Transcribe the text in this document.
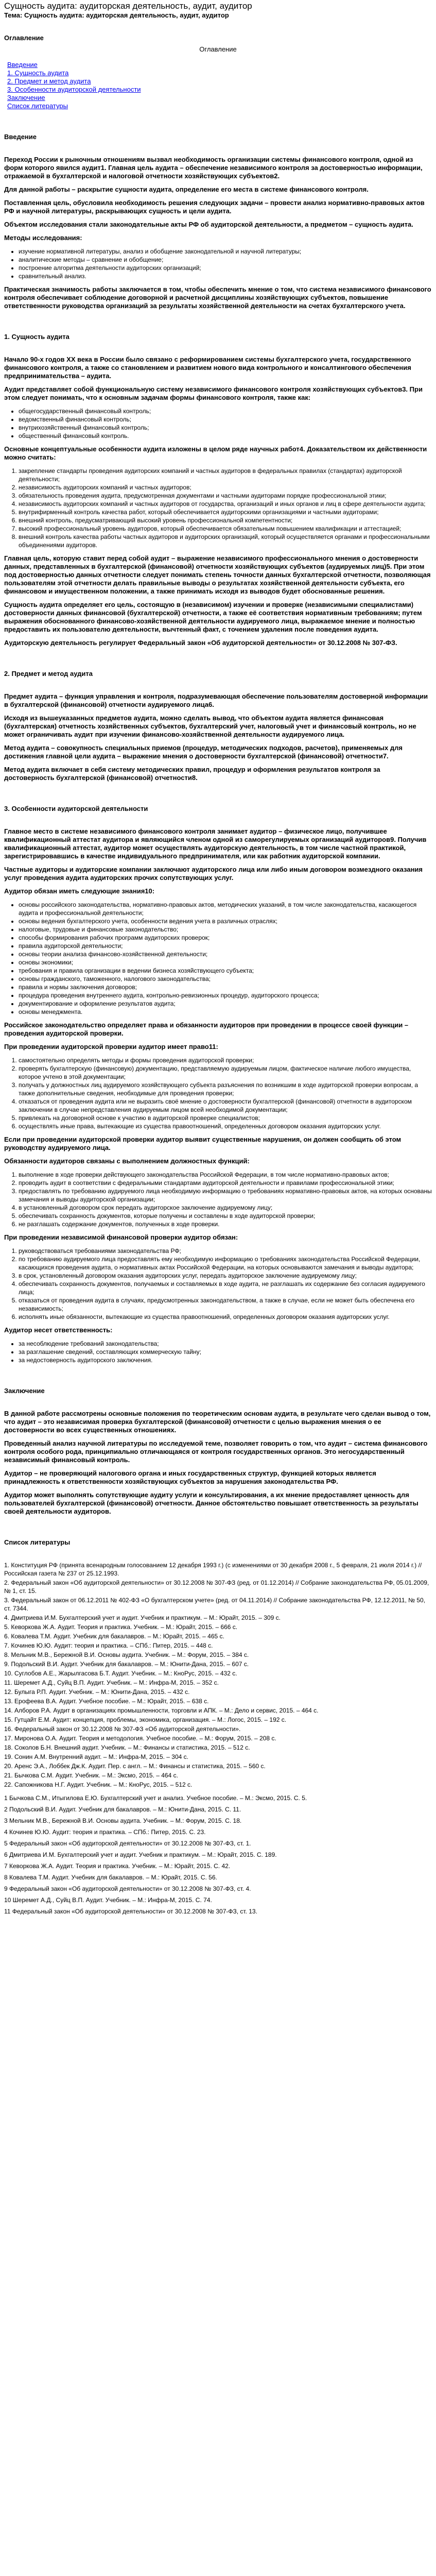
Сущность аудита: аудиторская деятельность, аудит, аудитор

Тема: Сущность аудита: аудиторская деятельность, аудит, аудитор

Оглавление

Оглавление

Введение
1. Сущность аудита
2. Предмет и метод аудита
3. Особенности аудиторской деятельности
Заключение
Список литературы
Введение

Переход России к рыночным отношениям вызвал необходимость организации системы финансового контроля, одной из форм которого явился аудит1. Главная цель аудита – обеспечение независимого контроля за достоверностью информации, отражаемой в бухгалтерской и налоговой отчетности хозяйствующих субъектов2.

Для данной работы – раскрытие сущности аудита, определение его места в системе финансового контроля.

Поставленная цель, обусловила необходимость решения следующих задачи – провести анализ нормативно-правовых актов РФ и научной литературы, раскрывающих сущность и цели аудита.

Объектом исследования стали законодательные акты РФ об аудиторской деятельности, а предметом – сущность аудита.

Методы исследования:

• изучение нормативной литературы, анализ и обобщение законодательной и научной литературы;
• аналитические методы – сравнение и обобщение;
• построение алгоритма деятельности аудиторских организаций;
• сравнительный анализ.

Практическая значимость работы заключается в том, чтобы обеспечить мнение о том, что система независимого финансового контроля обеспечивает соблюдение договорной и расчетной дисциплины хозяйствующих субъектов, повышение ответственности руководства организаций за результаты хозяйственной деятельности на счетах бухгалтерского учета.

1. Сущность аудита

Начало 90-х годов ХХ века в России было связано с реформированием системы бухгалтерского учета, государственного финансового контроля, а также со становлением и развитием нового вида контрольного и консалтингового обеспечения предпринимательства – аудита.

Аудит представляет собой функциональную систему независимого финансового контроля хозяйствующих субъектов3. При этом следует понимать, что к основным задачам формы финансового контроля, также как:

• общегосударственный финансовый контроль;
• ведомственный финансовый контроль;
• внутрихозяйственный финансовый контроль;
• общественный финансовый контроль.

Основные концептуальные особенности аудита изложены в целом ряде научных работ4. Доказательством их действенности можно считать:

1. закрепление стандарты проведения аудиторских компаний и частных аудиторов в федеральных правилах (стандартах) аудиторской деятельности;
2. независимость аудиторских компаний и частных аудиторов;
3. обязательность проведения аудита, предусмотренная документами и частными аудиторами порядке профессиональной этики;
4. независимость аудиторских компаний и частных аудиторов от государства, организаций и иных органов и лиц в сфере деятельности аудита;
5. внутрифирменный контроль качества работ, который обеспечивается аудиторскими организациями и частными аудиторами;
6. внешний контроль, предусматривающий высокий уровень профессиональной компетентности;
7. высокий профессиональный уровень аудиторов, который обеспечивается обязательным повышением квалификации и аттестацией;
8. внешний контроль качества работы частных аудиторов и аудиторских организаций, который осуществляется органами и профессиональными объединениями аудиторов.

Главная цель, которую ставит перед собой аудит – выражение независимого профессионального мнения о достоверности данных, представленных в бухгалтерской (финансовой) отчетности хозяйствующих субъектов (аудируемых лиц)5. При этом под достоверностью данных отчетности следует понимать степень точности данных бухгалтерской отчетности, позволяющая пользователям этой отчетности делать правильные выводы о результатах хозяйственной деятельности субъекта, его финансовом и имущественном положении, а также принимать исходя из выводов будет обоснованные решения.

Сущность аудита определяет его цель, состоящую в (независимом) изучении и проверке (независимыми специалистами) достоверности данных финансовой (бухгалтерской) отчетности, а также её соответствия нормативным требованиям; путем выражения обоснованного финансово-хозяйственной деятельности аудируемого лица, выражаемое мнение и полностью предоставить их пользователю деятельности, вычтенный факт, с точением удаления после поведения аудита.

Аудиторскую деятельность регулирует Федеральный закон «Об аудиторской деятельности» от 30.12.2008 № 307-ФЗ.

2. Предмет и метод аудита

Предмет аудита – функция управления и контроля, подразумевающая обеспечение пользователям достоверной информации в бухгалтерской (финансовой) отчетности аудируемого лица6.

Исходя из вышеуказанных предметов аудита, можно сделать вывод, что объектом аудита является финансовая (бухгалтерская) отчетность хозяйственных субъектов, бухгалтерский учет, налоговый учет и финансовый контроль, но не может ограничивать аудит при изучении финансово-хозяйственной деятельности аудируемого лица.

Метод аудита – совокупность специальных приемов (процедур, методических подходов, расчетов), применяемых для достижения главной цели аудита – выражение мнения о достоверности бухгалтерской (финансовой) отчетности7.

Метод аудита включает в себя систему методических правил, процедур и оформления результатов контроля за достоверность бухгалтерской (финансовой) отчетности8.

3. Особенности аудиторской деятельности

Главное место в системе независимого финансового контроля занимает аудитор – физическое лицо, получившее квалификационный аттестат аудитора и являющийся членом одной из саморегулируемых организаций аудиторов9. Получив квалификационный аттестат, аудитор может осуществлять аудиторскую деятельность, в том числе частной практикой, зарегистрировавшись в качестве индивидуального предпринимателя, или как работник аудиторской компании.

Частные аудиторы и аудиторские компании заключают аудиторского лица или либо иным договором возмездного оказания услуг проведения аудита аудиторских прочих сопутствующих услуг.

Аудитор обязан иметь следующие знания10:

• основы российского законодательства, нормативно-правовых актов, методических указаний, в том числе законодательства, касающегося аудита и профессиональной деятельности;
• основы ведения бухгалтерского учета, особенности ведения учета в различных отраслях;
• налоговые, трудовые и финансовые законодательство;
• способы формирования рабочих программ аудиторских проверок;
• правила аудиторской деятельности;
• основы теории анализа финансово-хозяйственной деятельности;
• основы экономики;
• требования и правила организации в ведении бизнеса хозяйствующего субъекта;
• основы гражданского, таможенного, налогового законодательства;
• правила и нормы заключения договоров;
• процедура проведения внутреннего аудита, контрольно-ревизионных процедур, аудиторского процесса;
• документирование и оформление результатов аудита;
• основы менеджмента.

Российское законодательство определяет права и обязанности аудиторов при проведении в процессе своей функции – проведения аудиторской проверки.

При проведении аудиторской проверки аудитор имеет право11:

1. самостоятельно определять методы и формы проведения аудиторской проверки;
2. проверять бухгалтерскую (финансовую) документацию, представляемую аудируемым лицом, фактическое наличие любого имущества, которое учтено в этой документации;
3. получать у должностных лиц аудируемого хозяйствующего субъекта разъяснения по возникшим в ходе аудиторской проверки вопросам, а также дополнительные сведения, необходимые для проведения проверки;
4. отказаться от проведения аудита или не выразить своё мнение о достоверности бухгалтерской (финансовой) отчетности в аудиторском заключении в случае непредставления аудируемым лицом всей необходимой документации;
5. привлекать на договорной основе к участию в аудиторской проверке специалистов;
6. осуществлять иные права, вытекающие из существа правоотношений, определенных договором оказания аудиторских услуг.

Если при проведении аудиторской проверки аудитор выявит существенные нарушения, он должен сообщить об этом руководству аудируемого лица.

Обязанности аудиторов связаны с выполнением должностных функций:

1. выполнение в ходе проверки действующего законодательства Российской Федерации, в том числе нормативно-правовых актов;
2. проводить аудит в соответствии с федеральными стандартами аудиторской деятельности и правилами профессиональной этики;
3. предоставлять по требованию аудируемого лица необходимую информацию о требованиях нормативно-правовых актов, на которых основаны замечания и выводы аудиторской организации;
4. в установленный договором срок передать аудиторское заключение аудируемому лицу;
5. обеспечивать сохранность документов, которые получены и составлены в ходе аудиторской проверки;
6. не разглашать содержание документов, полученных в ходе проверки.

При проведении независимой финансовой проверки аудитор обязан:

1. руководствоваться требованиями законодательства РФ;
2. по требованию аудируемого лица предоставлять ему необходимую информацию о требованиях законодательства Российской Федерации, касающихся проведения аудита, о нормативных актах Российской Федерации, на которых основываются замечания и выводы аудитора;
3. в срок, установленный договором оказания аудиторских услуг, передать аудиторское заключение аудируемому лицу;
4. обеспечивать сохранность документов, получаемых и составляемых в ходе аудита, не разглашать их содержание без согласия аудируемого лица;
5. отказаться от проведения аудита в случаях, предусмотренных законодательством, а также в случае, если не может быть обеспечена его независимость;
6. исполнять иные обязанности, вытекающие из существа правоотношений, определенных договором оказания аудиторских услуг.

Аудитор несет ответственность:

• за несоблюдение требований законодательства;
• за разглашение сведений, составляющих коммерческую тайну;
• за недостоверность аудиторского заключения.
Заключение

В данной работе рассмотрены основные положения по теоретическим основам аудита, в результате чего сделан вывод о том, что аудит – это независимая проверка бухгалтерской (финансовой) отчетности с целью выражения мнения о ее достоверности во всех существенных отношениях.

Проведенный анализ научной литературы по исследуемой теме, позволяет говорить о том, что аудит – система финансового контроля особого рода, принципиально отличающаяся от контроля государственных органов. Это негосударственный независимый финансовый контроль.

Аудитор – не проверяющий налогового органа и иных государственных структур, функцией которых является принадлежность к ответственности хозяйствующих субъектов за нарушения законодательства РФ.

Аудитор может выполнять сопутствующие аудиту услуги и консультирования, а их мнение предоставляет ценность для пользователей бухгалтерской (финансовой) отчетности. Данное обстоятельство повышает ответственность за результаты своей деятельности аудиторов.

Список литературы
1. Конституция РФ (принята всенародным голосованием 12 декабря 1993 г.) (с изменениями от 30 декабря 2008 г., 5 февраля, 21 июля 2014 г.) // Российская газета № 237 от 25.12.1993.
2. Федеральный закон «Об аудиторской деятельности» от 30.12.2008 № 307-ФЗ (ред. от 01.12.2014) // Собрание законодательства РФ, 05.01.2009, № 1, ст. 15.
3. Федеральный закон от 06.12.2011 № 402-ФЗ «О бухгалтерском учете» (ред. от 04.11.2014) // Собрание законодательства РФ, 12.12.2011, № 50, ст. 7344.
4. Дмитриева И.М. Бухгалтерский учет и аудит. Учебник и практикум. – М.: Юрайт, 2015. – 309 с.
5. Кеворкова Ж.А. Аудит. Теория и практика. Учебник. – М.: Юрайт, 2015. – 666 с.
6. Ковалева Т.М. Аудит. Учебник для бакалавров. – М.: Юрайт, 2015. – 465 с.
7. Кочинев Ю.Ю. Аудит: теория и практика. – СПб.: Питер, 2015. – 448 с.
8. Мельник М.В., Бережной В.И. Основы аудита. Учебник. – М.: Форум, 2015. – 384 с.
9. Подольский В.И. Аудит. Учебник для бакалавров. – М.: Юнити-Дана, 2015. – 607 с.
10. Суглобов А.Е., Жарылгасова Б.Т. Аудит. Учебник. – М.: КноРус, 2015. – 432 с.
11. Шеремет А.Д., Суйц В.П. Аудит. Учебник. – М.: Инфра-М, 2015. – 352 с.
12. Булыга Р.П. Аудит. Учебник. – М.: Юнити-Дана, 2015. – 432 с.
13. Ерофеева В.А. Аудит. Учебное пособие. – М.: Юрайт, 2015. – 638 с.
14. Алборов Р.А. Аудит в организациях промышленности, торговли и АПК. – М.: Дело и сервис, 2015. – 464 с.
15. Гутцайт Е.М. Аудит: концепция, проблемы, экономика, организация. – М.: Логос, 2015. – 192 с.
16. Федеральный закон от 30.12.2008 № 307-ФЗ «Об аудиторской деятельности».
17. Миронова О.А. Аудит. Теория и методология. Учебное пособие. – М.: Форум, 2015. – 208 с.
18. Соколов Б.Н. Внешний аудит. Учебник. – М.: Финансы и статистика, 2015. – 512 с.
19. Сонин А.М. Внутренний аудит. – М.: Инфра-М, 2015. – 304 с.
20. Аренс Э.А., Лоббек Дж.К. Аудит. Пер. с англ. – М.: Финансы и статистика, 2015. – 560 с.
21. Бычкова С.М. Аудит. Учебник. – М.: Эксмо, 2015. – 464 с.
22. Сапожникова Н.Г. Аудит. Учебник. – М.: КноРус, 2015. – 512 с.

1 Бычкова С.М., Итыгилова Е.Ю. Бухгалтерский учет и анализ. Учебное пособие. – М.: Эксмо, 2015. С. 5.

2 Подольский В.И. Аудит. Учебник для бакалавров. – М.: Юнити-Дана, 2015. С. 11.

3 Мельник М.В., Бережной В.И. Основы аудита. Учебник. – М.: Форум, 2015. С. 18.

4 Кочинев Ю.Ю. Аудит: теория и практика. – СПб.: Питер, 2015. С. 23.

5 Федеральный закон «Об аудиторской деятельности» от 30.12.2008 № 307-ФЗ, ст. 1.

6 Дмитриева И.М. Бухгалтерский учет и аудит. Учебник и практикум. – М.: Юрайт, 2015. С. 189.

7 Кеворкова Ж.А. Аудит. Теория и практика. Учебник. – М.: Юрайт, 2015. С. 42.

8 Ковалева Т.М. Аудит. Учебник для бакалавров. – М.: Юрайт, 2015. С. 56.

9 Федеральный закон «Об аудиторской деятельности» от 30.12.2008 № 307-ФЗ, ст. 4.

10 Шеремет А.Д., Суйц В.П. Аудит. Учебник. – М.: Инфра-М, 2015. С. 74.

11 Федеральный закон «Об аудиторской деятельности» от 30.12.2008 № 307-ФЗ, ст. 13.
